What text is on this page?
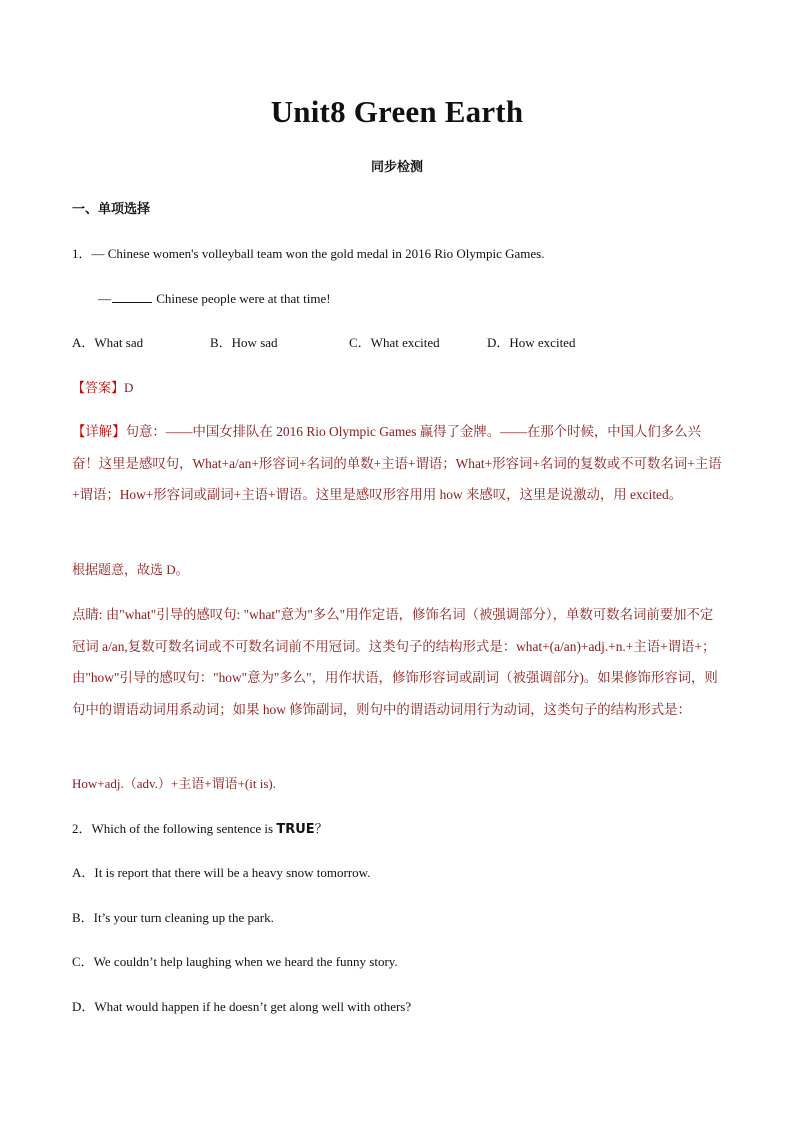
Unit8 Green Earth
同步检测
一、单项选择
1．— Chinese women's volleyball team won the gold medal in 2016 Rio Olympic Games.
—	Chinese people were at that time!
A．What sad	B．How sad	C．What excited	D．How excited
【答案】D
【详解】句意：——中国女排队在 2016 Rio Olympic Games 赢得了金牌。——在那个时候，中国人们多么兴奋！这里是感叹句，What+a/an+形容词+名词的单数+主语+谓语；What+形容词+名词的复数或不可数名词+主语+谓语；How+形容词或副词+主语+谓语。这里是感叹形容用用 how 来感叹，这里是说激动，用 excited。
根据题意，故选 D。
点睛: 由"what"引导的感叹句: "what"意为"多么"用作定语，修饰名词（被强调部分），单数可数名词前要加不定冠词 a/an,复数可数名词或不可数名词前不用冠词。这类句子的结构形式是：what+(a/an)+adj.+n.+主语+谓语+；由"how"引导的感叹句："how"意为"多么"，用作状语，修饰形容词或副词（被强调部分)。如果修饰形容词，则句中的谓语动词用系动词；如果 how 修饰副词，则句中的谓语动词用行为动词，这类句子的结构形式是：
How+adj.（adv.）+主语+谓语+(it is).
2．Which of the following sentence is TRUE？
A．It is report that there will be a heavy snow tomorrow.
B．It’s your turn cleaning up the park.
C．We couldn’t help laughing when we heard the funny story.
D．What would happen if he doesn’t get along well with others?
